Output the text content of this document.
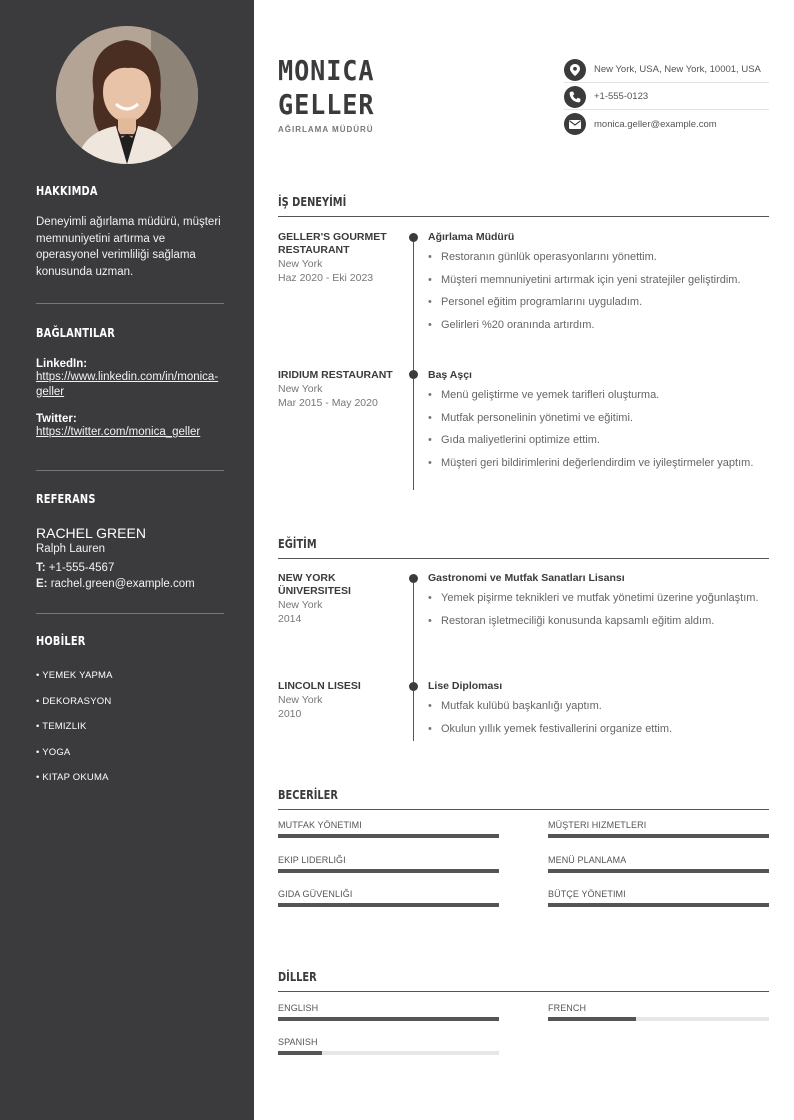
HAKKIMDA
Deneyimli ağırlama müdürü, müşteri memnuniyetini artırma ve operasyonel verimliliği sağlama konusunda uzman.
BAĞLANTILAR
LinkedIn:
https://www.linkedin.com/in/monica-geller
Twitter:
https://twitter.com/monica_geller
REFERANS
RACHEL GREEN
Ralph Lauren
T: +1-555-4567
E: rachel.green@example.com
HOBİLER
• YEMEK YAPMA
• DEKORASYON
• TEMIZLIK
• YOGA
• KITAP OKUMA
MONICA
GELLER
AĞIRLAMA MÜDÜRÜ
New York, USA, New York, 10001, USA
+1-555-0123
monica.geller@example.com
İŞ DENEYİMİ
GELLER'S GOURMET RESTAURANT
New York
Haz 2020 - Eki 2023
Ağırlama Müdürü
• Restoranın günlük operasyonlarını yönettim.
• Müşteri memnuniyetini artırmak için yeni stratejiler geliştirdim.
• Personel eğitim programlarını uyguladım.
• Gelirleri %20 oranında artırdım.
IRIDIUM RESTAURANT
New York
Mar 2015 - May 2020
Baş Aşçı
• Menü geliştirme ve yemek tarifleri oluşturma.
• Mutfak personelinin yönetimi ve eğitimi.
• Gıda maliyetlerini optimize ettim.
• Müşteri geri bildirimlerini değerlendirdim ve iyileştirmeler yaptım.
EĞİTİM
NEW YORK ÜNIVERSITESI
New York
2014
Gastronomi ve Mutfak Sanatları Lisansı
• Yemek pişirme teknikleri ve mutfak yönetimi üzerine yoğunlaştım.
• Restoran işletmeciliği konusunda kapsamlı eğitim aldım.
LINCOLN LISESI
New York
2010
Lise Diploması
• Mutfak kulübü başkanlığı yaptım.
• Okulun yıllık yemek festivallerini organize ettim.
BECERİLER
MUTFAK YÖNETIMI	MÜŞTERI HIZMETLERI
EKIP LIDERLIĞI	MENÜ PLANLAMA
GIDA GÜVENLIĞI	BÜTÇE YÖNETIMI
DİLLER
ENGLISH	FRENCH
SPANISH
